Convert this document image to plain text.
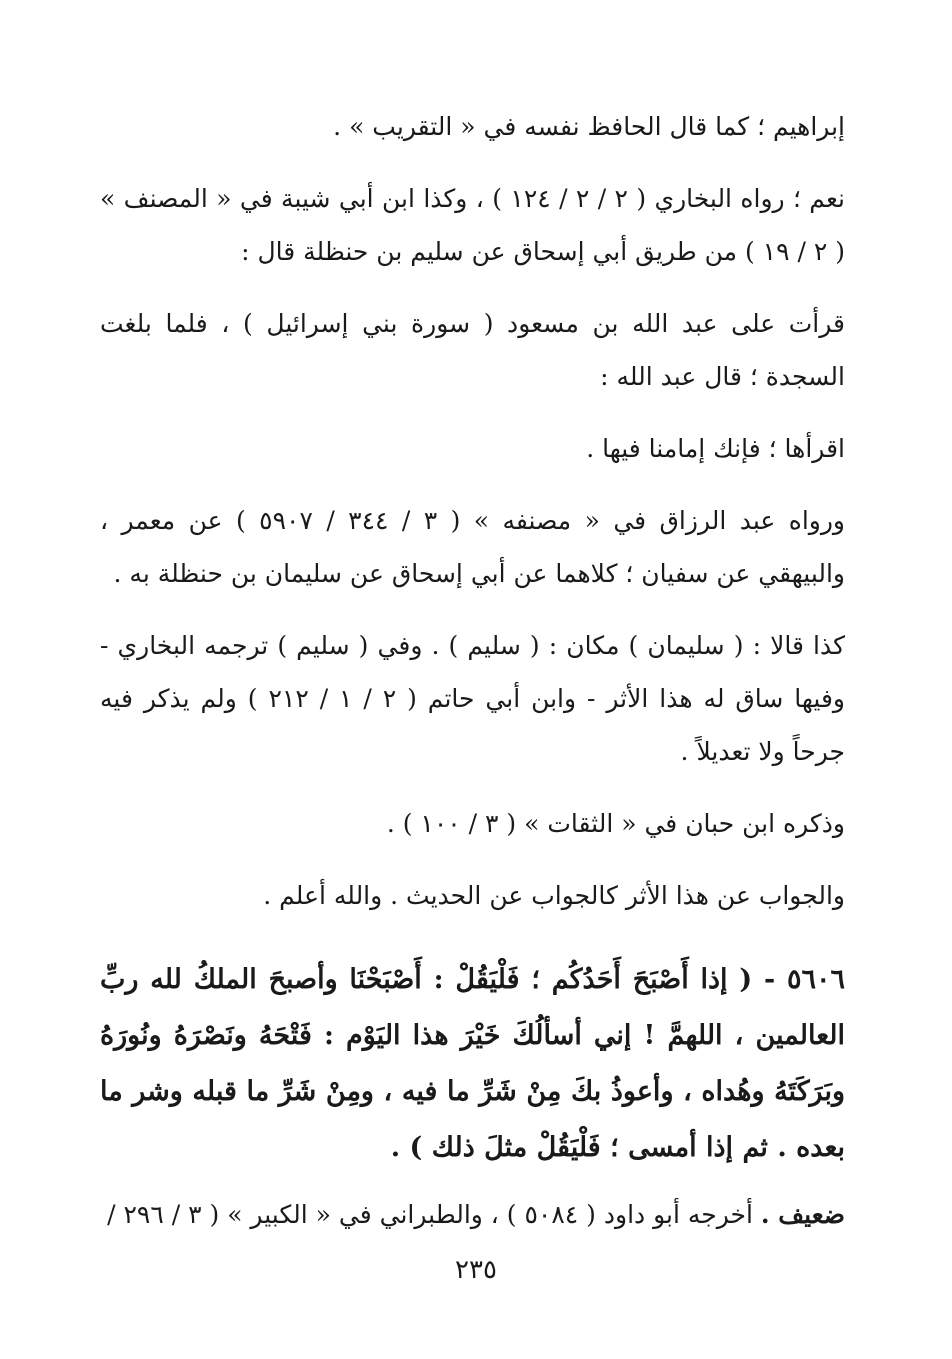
إبراهيم ؛ كما قال الحافظ نفسه في « التقريب » .

نعم ؛ رواه البخاري ( ٢ / ٢ / ١٢٤ ) ، وكذا ابن أبي شيبة في « المصنف » ( ٢ / ١٩ ) من طريق أبي إسحاق عن سليم بن حنظلة قال :

قرأت على عبد الله بن مسعود ( سورة بني إسرائيل ) ، فلما بلغت السجدة ؛ قال عبد الله :

اقرأها ؛ فإنك إمامنا فيها .

ورواه عبد الرزاق في « مصنفه » ( ٣ / ٣٤٤ / ٥٩٠٧ ) عن معمر ، والبيهقي عن سفيان ؛ كلاهما عن أبي إسحاق عن سليمان بن حنظلة به .

كذا قالا : ( سليمان ) مكان : ( سليم ) . وفي ( سليم ) ترجمه البخاري - وفيها ساق له هذا الأثر - وابن أبي حاتم ( ٢ / ١ / ٢١٢ ) ولم يذكر فيه جرحاً ولا تعديلاً .

وذكره ابن حبان في « الثقات » ( ٣ / ١٠٠ ) .

والجواب عن هذا الأثر كالجواب عن الحديث . والله أعلم .

٥٦٠٦ - ( إذا أَصْبَحَ أَحَدُكُم ؛ فَلْيَقُلْ : أَصْبَحْنَا وأصبحَ الملكُ لله ربِّ العالمين ، اللهمَّ ! إني أسألُكَ خَيْرَ هذا اليَوْم : فَتْحَهُ ونَصْرَهُ ونُورَهُ وبَرَكَتَهُ وهُداه ، وأعوذُ بكَ مِنْ شَرِّ ما فيه ، ومِنْ شَرِّ ما قبله وشر ما بعده . ثم إذا أمسى ؛ فَلْيَقُلْ مثلَ ذلك ) .

ضعيف . أخرجه أبو داود ( ٥٠٨٤ ) ، والطبراني في « الكبير » ( ٣ / ٢٩٦ /

٢٣٥
